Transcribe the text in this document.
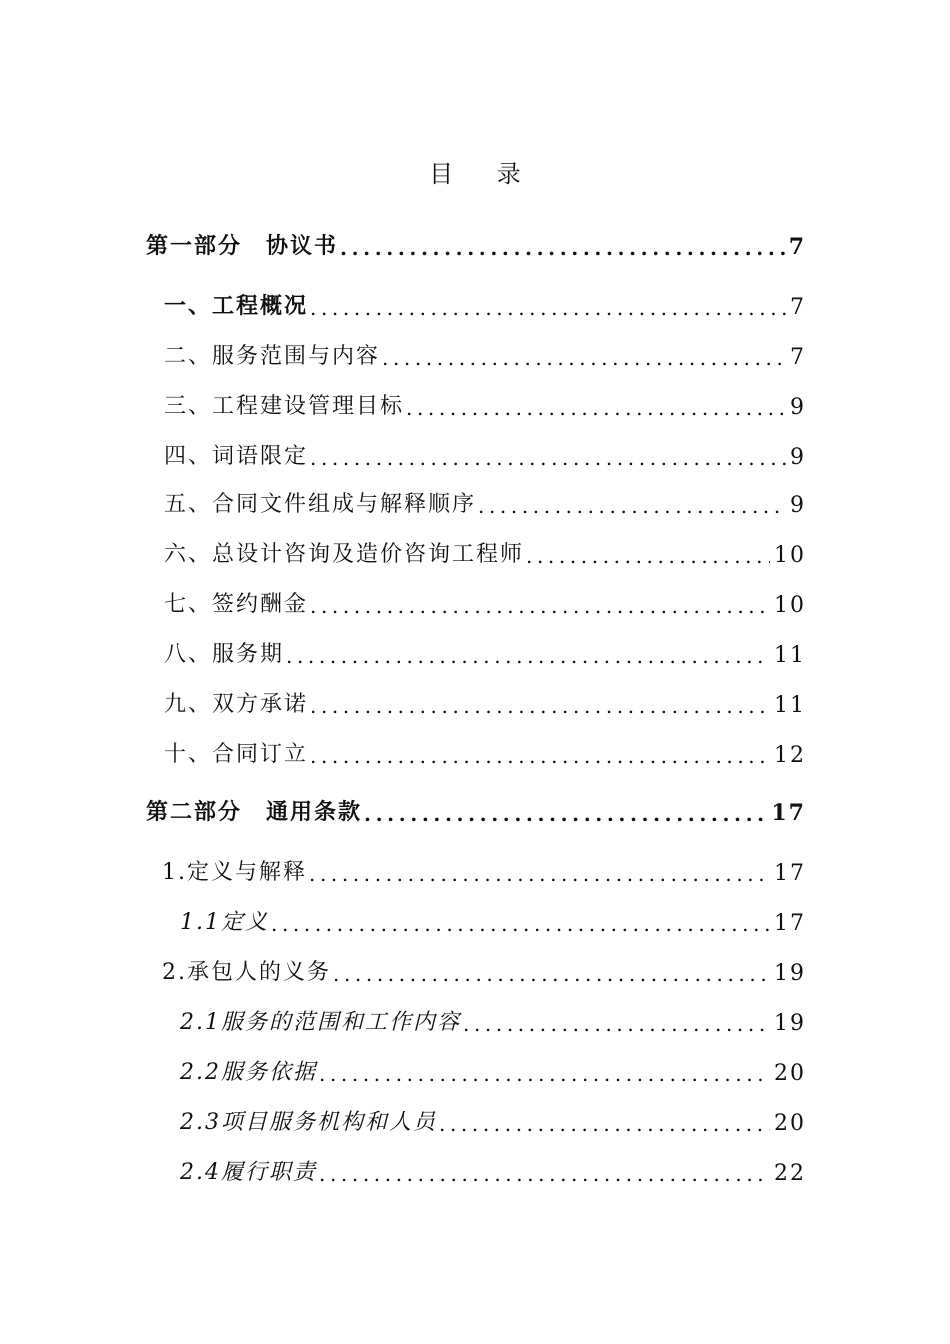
目 录
第一部分　协议书 .....	7
一、工程概况 .....	7
二、服务范围与内容 .....	7
三、工程建设管理目标 .....	9
四、词语限定 .....	9
五、合同文件组成与解释顺序 .....	9
六、总设计咨询及造价咨询工程师 .....	10
七、签约酬金 .....	10
八、服务期 .....	11
九、双方承诺 .....	11
十、合同订立 .....	12
第二部分　通用条款 .....	17
1.定义与解释 .....	17
1.1定义 .....	17
2.承包人的义务 .....	19
2.1服务的范围和工作内容 .....	19
2.2服务依据 .....	20
2.3项目服务机构和人员 .....	20
2.4履行职责 .....	22
